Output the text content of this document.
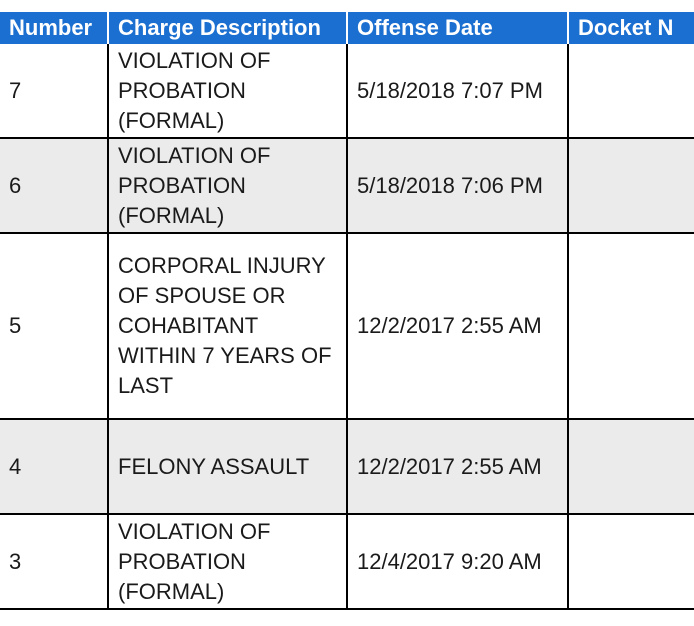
Number	Charge Description	Offense Date	Docket N
7	VIOLATION OF PROBATION (FORMAL)	5/18/2018 7:07 PM	
6	VIOLATION OF PROBATION (FORMAL)	5/18/2018 7:06 PM	
5	CORPORAL INJURY OF SPOUSE OR COHABITANT WITHIN 7 YEARS OF LAST	12/2/2017 2:55 AM	
4	FELONY ASSAULT	12/2/2017 2:55 AM	
3	VIOLATION OF PROBATION (FORMAL)	12/4/2017 9:20 AM	
